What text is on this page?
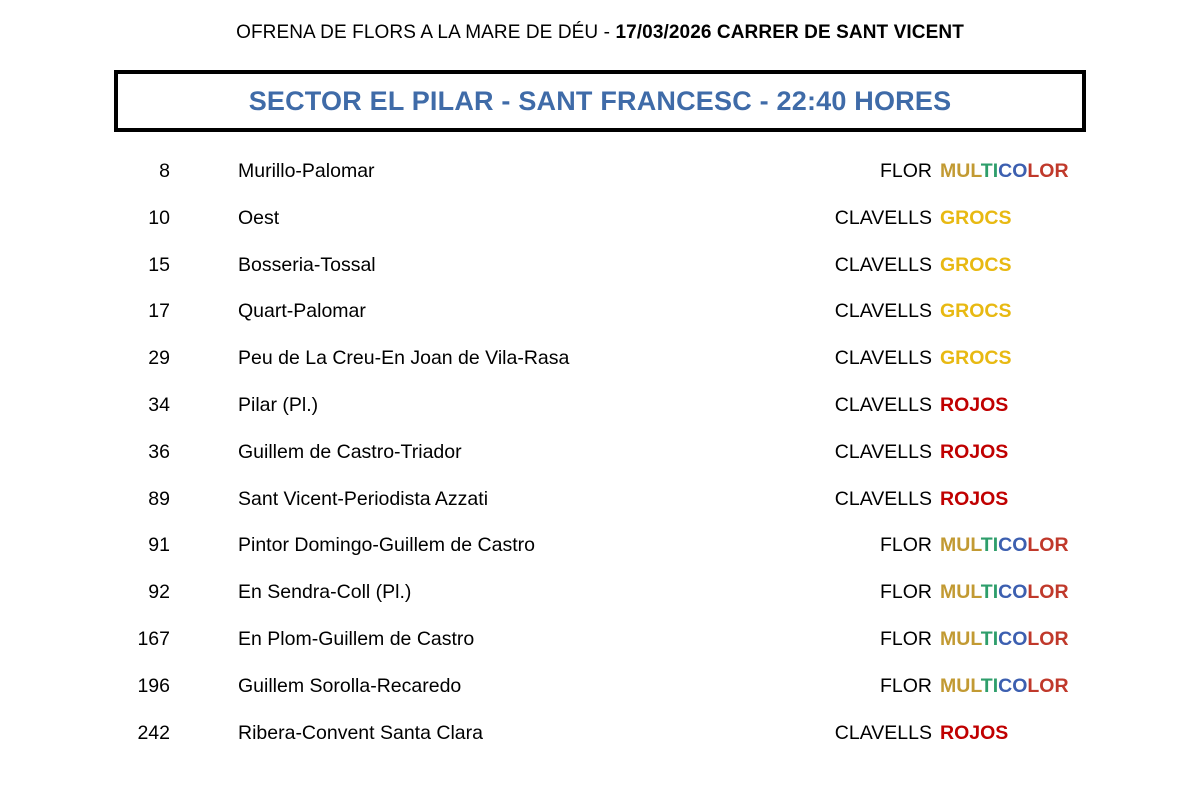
OFRENA DE FLORS A LA MARE DE DÉU - 17/03/2026 CARRER DE SANT VICENT
SECTOR EL PILAR - SANT FRANCESC - 22:40 HORES
8	Murillo-Palomar	FLOR MULTICOLOR
10	Oest	CLAVELLS GROCS
15	Bosseria-Tossal	CLAVELLS GROCS
17	Quart-Palomar	CLAVELLS GROCS
29	Peu de La Creu-En Joan de Vila-Rasa	CLAVELLS GROCS
34	Pilar (Pl.)	CLAVELLS ROJOS
36	Guillem de Castro-Triador	CLAVELLS ROJOS
89	Sant Vicent-Periodista Azzati	CLAVELLS ROJOS
91	Pintor Domingo-Guillem de Castro	FLOR MULTICOLOR
92	En Sendra-Coll (Pl.)	FLOR MULTICOLOR
167	En Plom-Guillem de Castro	FLOR MULTICOLOR
196	Guillem Sorolla-Recaredo	FLOR MULTICOLOR
242	Ribera-Convent Santa Clara	CLAVELLS ROJOS
